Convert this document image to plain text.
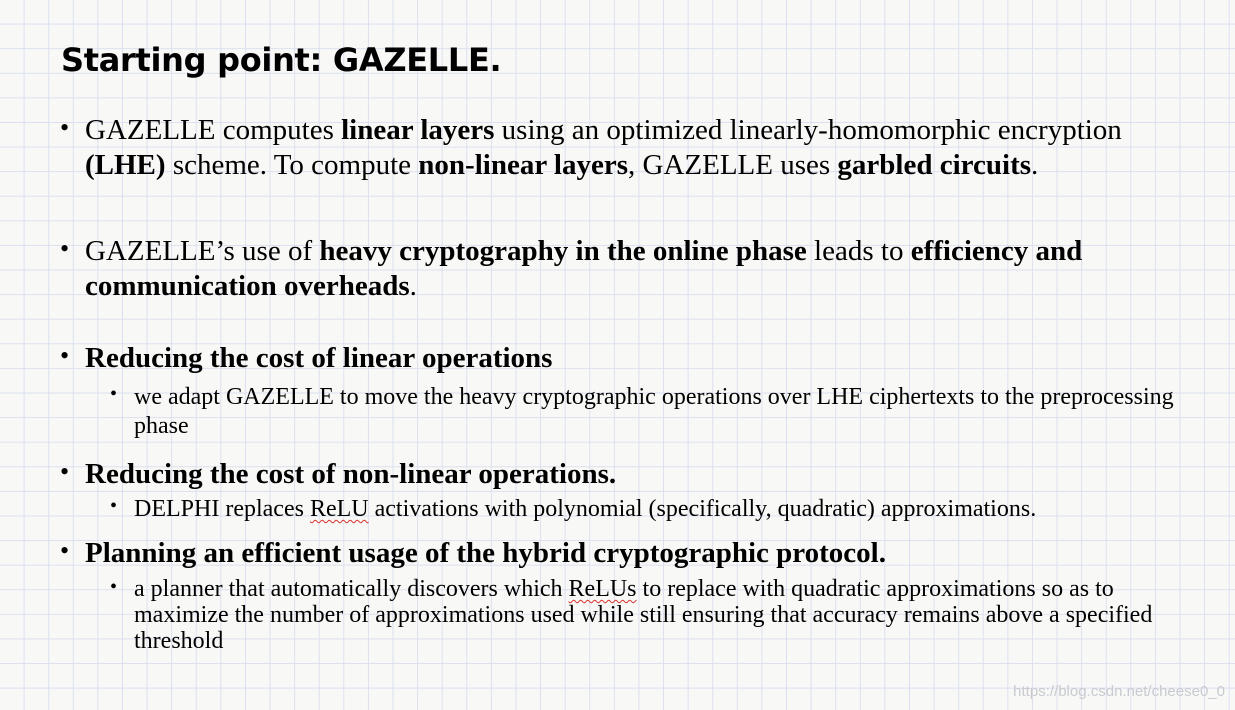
Starting point: GAZELLE.
• GAZELLE computes linear layers using an optimized linearly-homomorphic encryption (LHE) scheme. To compute non-linear layers, GAZELLE uses garbled circuits.
• GAZELLE’s use of heavy cryptography in the online phase leads to efficiency and communication overheads.
• Reducing the cost of linear operations
• we adapt GAZELLE to move the heavy cryptographic operations over LHE ciphertexts to the preprocessing phase
• Reducing the cost of non-linear operations.
• DELPHI replaces ReLU activations with polynomial (specifically, quadratic) approximations.
• Planning an efficient usage of the hybrid cryptographic protocol.
• a planner that automatically discovers which ReLUs to replace with quadratic approximations so as to maximize the number of approximations used while still ensuring that accuracy remains above a specified threshold
https://blog.csdn.net/cheese0_0
